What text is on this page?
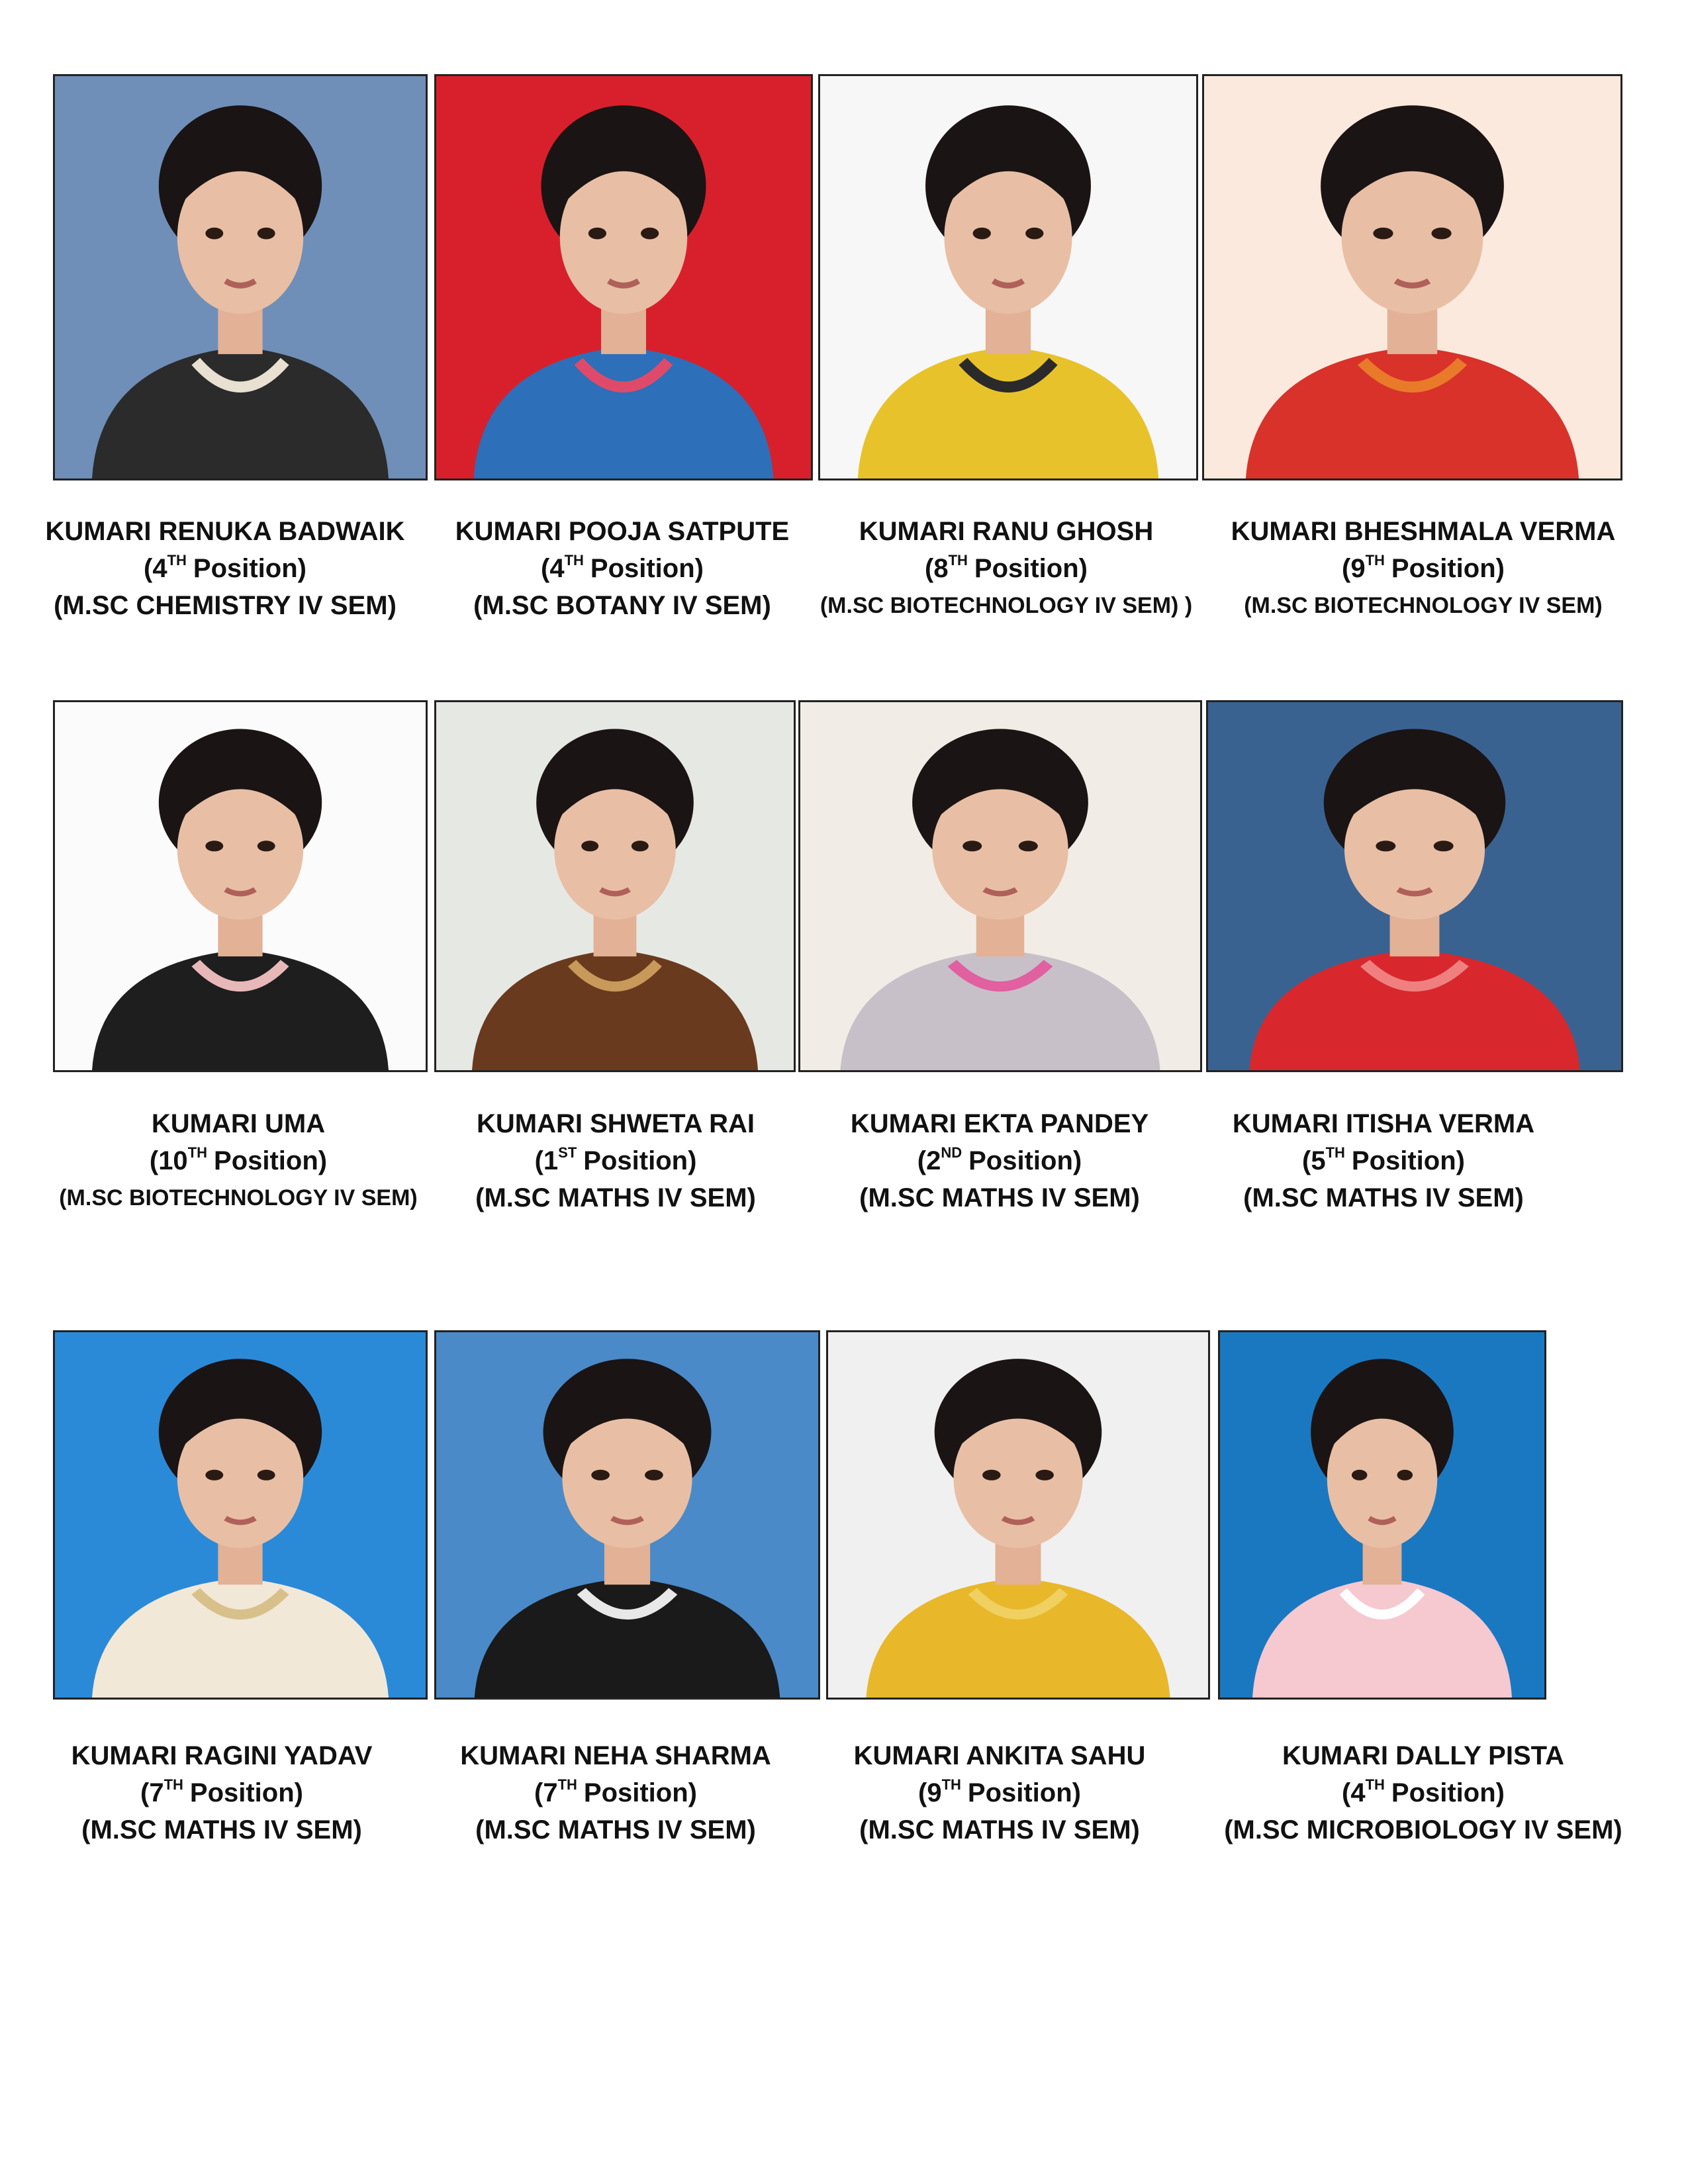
KUMARI RENUKA BADWAIK
(4TH Position)
(M.SC CHEMISTRY IV SEM)
KUMARI POOJA SATPUTE
(4TH Position)
(M.SC BOTANY IV SEM)
KUMARI RANU GHOSH
(8TH Position)
(M.SC BIOTECHNOLOGY IV SEM) )
KUMARI BHESHMALA VERMA
(9TH Position)
(M.SC BIOTECHNOLOGY IV SEM)
KUMARI UMA
(10TH Position)
(M.SC BIOTECHNOLOGY IV SEM)
KUMARI SHWETA RAI
(1ST Position)
(M.SC MATHS IV SEM)
KUMARI EKTA PANDEY
(2ND Position)
(M.SC MATHS IV SEM)
KUMARI ITISHA VERMA
(5TH Position)
(M.SC MATHS IV SEM)
KUMARI RAGINI YADAV
(7TH Position)
(M.SC MATHS IV SEM)
KUMARI NEHA SHARMA
(7TH Position)
(M.SC MATHS IV SEM)
KUMARI ANKITA SAHU
(9TH Position)
(M.SC MATHS IV SEM)
KUMARI DALLY PISTA
(4TH Position)
(M.SC MICROBIOLOGY IV SEM)
